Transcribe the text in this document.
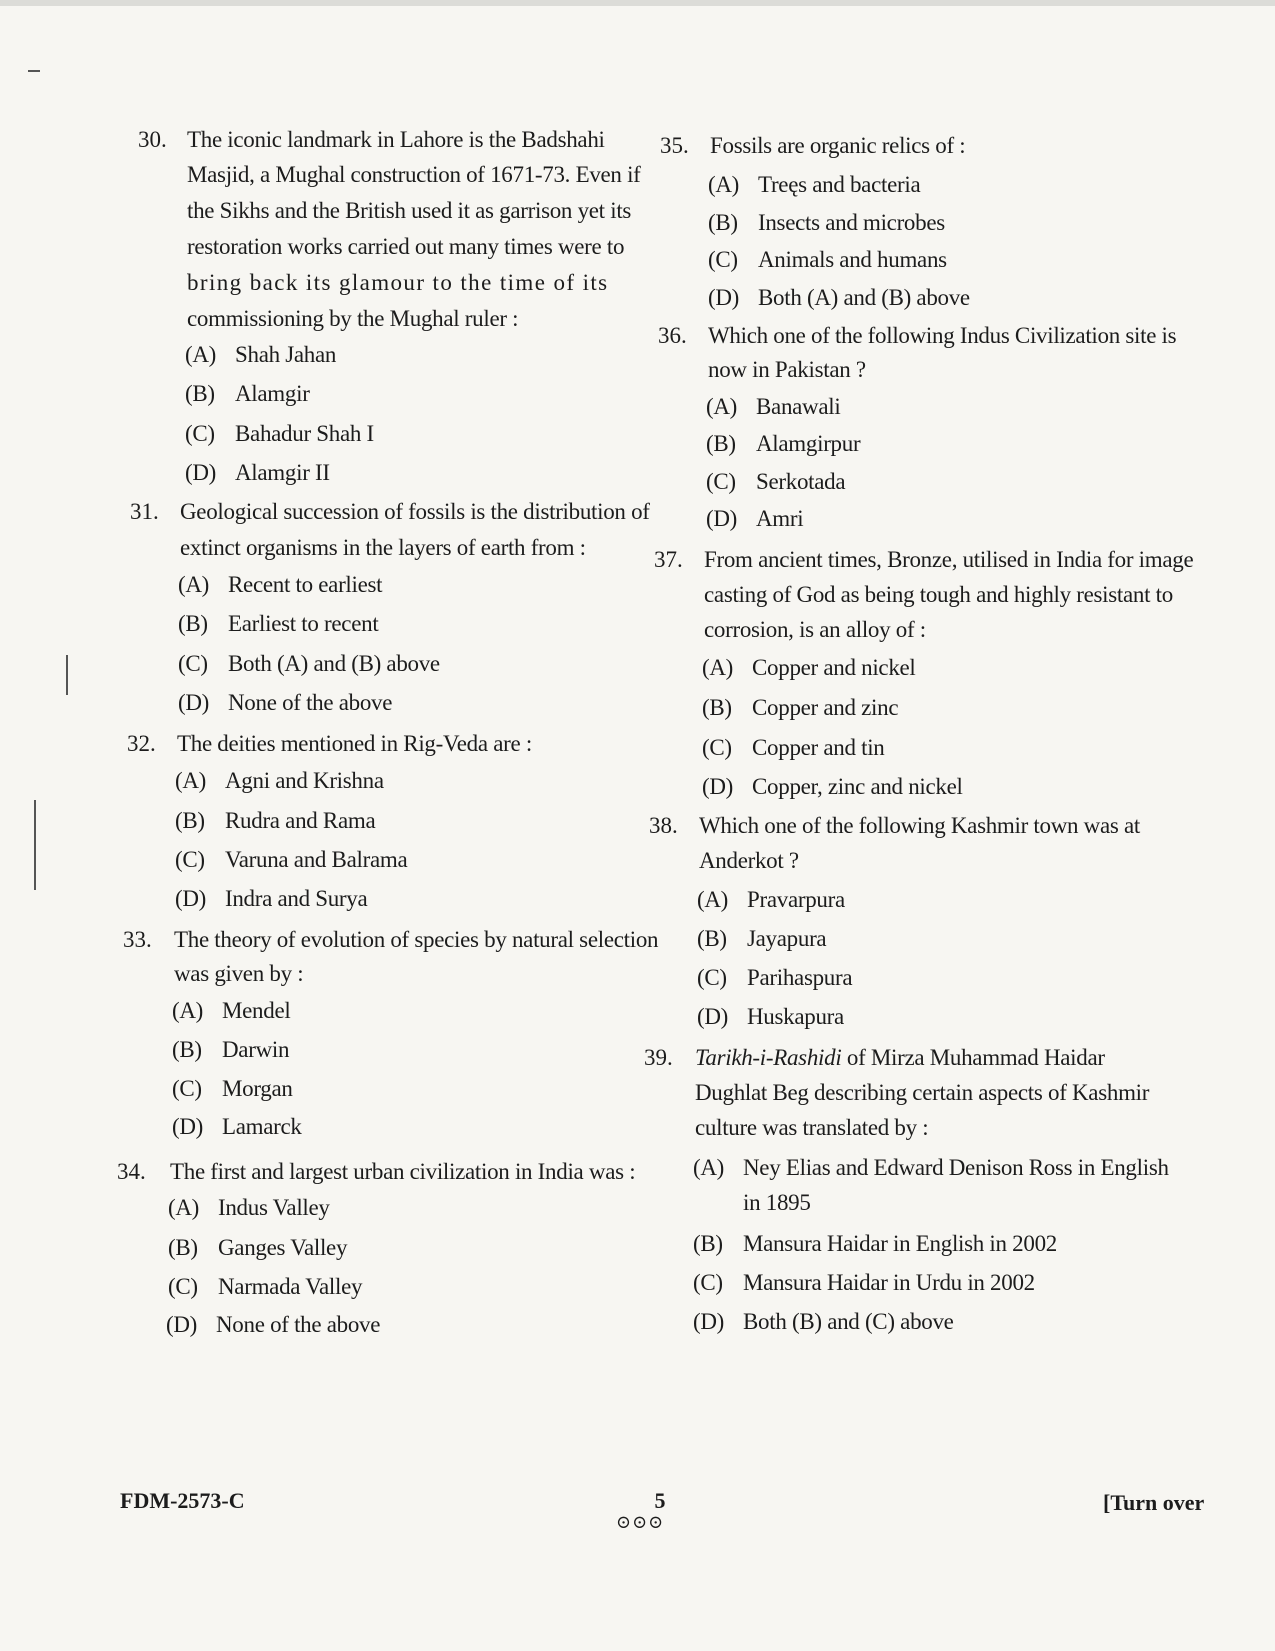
30. The iconic landmark in Lahore is the Badshahi
Masjid, a Mughal construction of 1671-73. Even if
the Sikhs and the British used it as garrison yet its
restoration works carried out many times were to
bring back its glamour to the time of its
commissioning by the Mughal ruler :
(A) Shah Jahan
(B) Alamgir
(C) Bahadur Shah I
(D) Alamgir II
31. Geological succession of fossils is the distribution of
extinct organisms in the layers of earth from :
(A) Recent to earliest
(B) Earliest to recent
(C) Both (A) and (B) above
(D) None of the above
32. The deities mentioned in Rig-Veda are :
(A) Agni and Krishna
(B) Rudra and Rama
(C) Varuna and Balrama
(D) Indra and Surya
33. The theory of evolution of species by natural selection
was given by :
(A) Mendel
(B) Darwin
(C) Morgan
(D) Lamarck
34. The first and largest urban civilization in India was :
(A) Indus Valley
(B) Ganges Valley
(C) Narmada Valley
(D) None of the above
35. Fossils are organic relics of :
(A) Treęs and bacteria
(B) Insects and microbes
(C) Animals and humans
(D) Both (A) and (B) above
36. Which one of the following Indus Civilization site is
now in Pakistan ?
(A) Banawali
(B) Alamgirpur
(C) Serkotada
(D) Amri
37. From ancient times, Bronze, utilised in India for image
casting of God as being tough and highly resistant to
corrosion, is an alloy of :
(A) Copper and nickel
(B) Copper and zinc
(C) Copper and tin
(D) Copper, zinc and nickel
38. Which one of the following Kashmir town was at
Anderkot ?
(A) Pravarpura
(B) Jayapura
(C) Parihaspura
(D) Huskapura
39. Tarikh-i-Rashidi of Mirza Muhammad Haidar
Dughlat Beg describing certain aspects of Kashmir
culture was translated by :
(A) Ney Elias and Edward Denison Ross in English
in 1895
(B) Mansura Haidar in English in 2002
(C) Mansura Haidar in Urdu in 2002
(D) Both (B) and (C) above
FDM-2573-C	5
⊙⊙⊙
[Turn over
